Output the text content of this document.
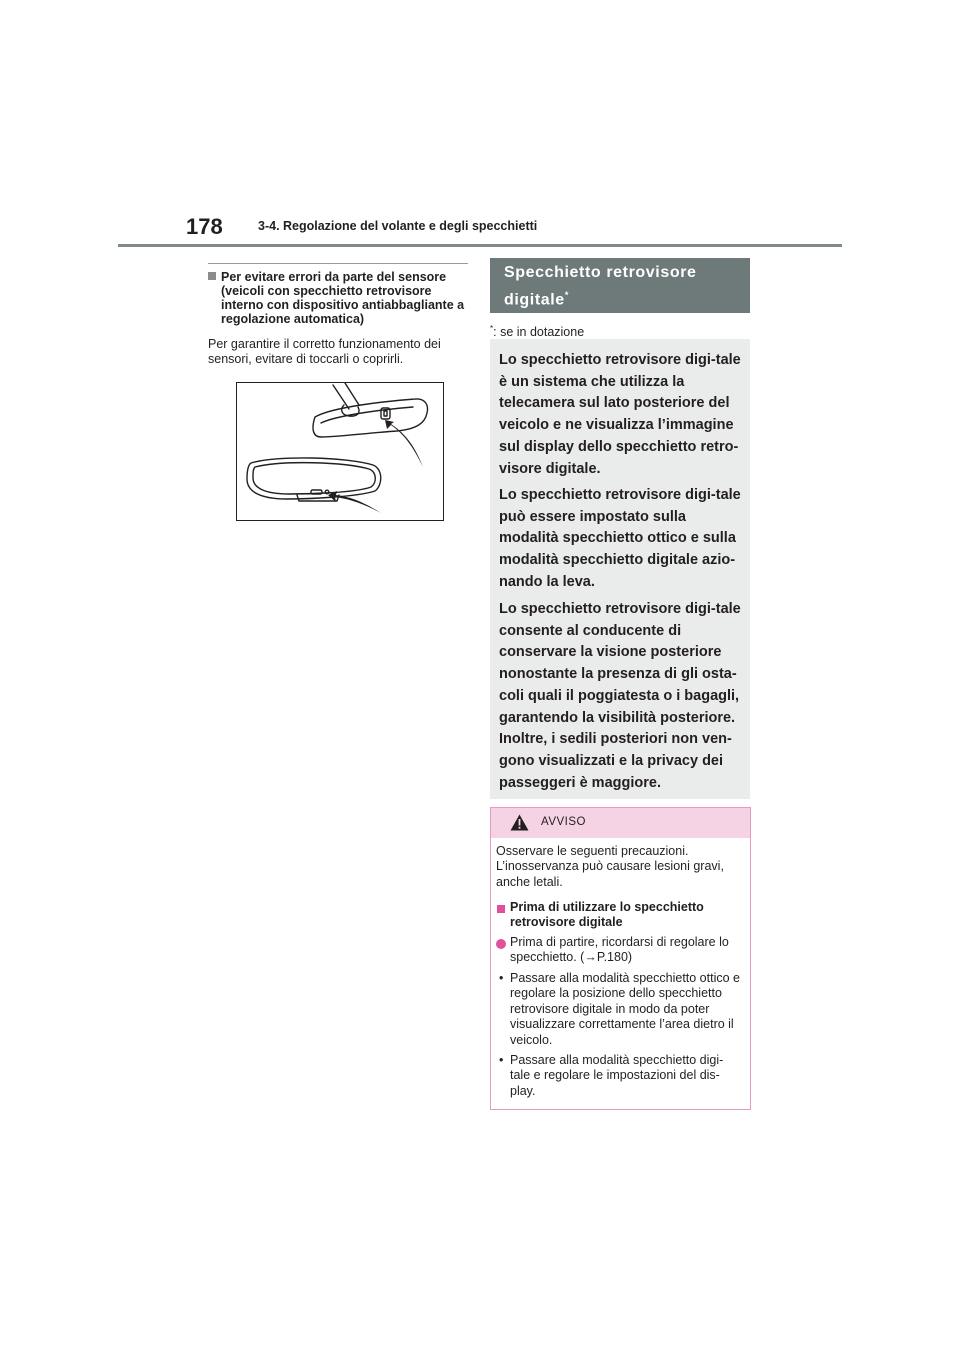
178	3-4. Regolazione del volante e degli specchietti
Per evitare errori da parte del sensore (veicoli con specchietto retrovisore interno con dispositivo antiabbagliante a regolazione automatica)
Per garantire il corretto funzionamento dei sensori, evitare di toccarli o coprirli.
Specchietto retrovisore digitale*
*: se in dotazione
Lo specchietto retrovisore digi-tale è un sistema che utilizza la telecamera sul lato posteriore del veicolo e ne visualizza l’immagine sul display dello specchietto retro-visore digitale.
Lo specchietto retrovisore digi-tale può essere impostato sulla modalità specchietto ottico e sulla modalità specchietto digitale azio-nando la leva.
Lo specchietto retrovisore digi-tale consente al conducente di conservare la visione posteriore nonostante la presenza di gli osta-coli quali il poggiatesta o i bagagli, garantendo la visibilità posteriore. Inoltre, i sedili posteriori non ven-gono visualizzati e la privacy dei passeggeri è maggiore.
AVVISO
Osservare le seguenti precauzioni. L’inosservanza può causare lesioni gravi, anche letali.
Prima di utilizzare lo specchietto retrovisore digitale
Prima di partire, ricordarsi di regolare lo specchietto. (→P.180)
• Passare alla modalità specchietto ottico e regolare la posizione dello specchietto retrovisore digitale in modo da poter visualizzare correttamente l’area dietro il veicolo.
• Passare alla modalità specchietto digi-tale e regolare le impostazioni del dis-play.
